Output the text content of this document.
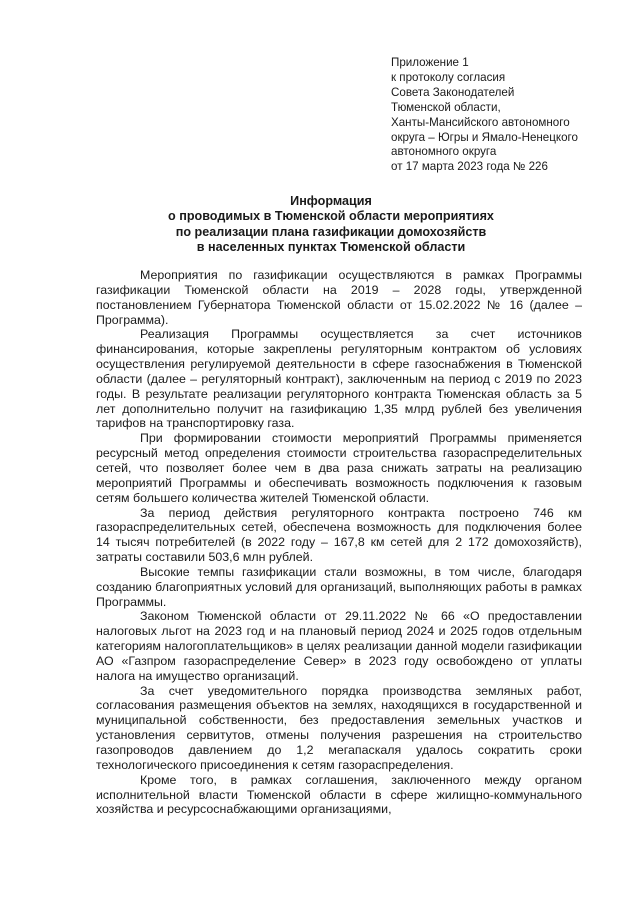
Приложение 1
к протоколу согласия
Совета Законодателей
Тюменской области,
Ханты-Мансийского автономного
округа – Югры и Ямало-Ненецкого
автономного округа
от 17 марта 2023 года № 226
Информация
о проводимых в Тюменской области мероприятиях
по реализации плана газификации домохозяйств
в населенных пунктах Тюменской области

Мероприятия по газификации осуществляются в рамках Программы газификации Тюменской области на 2019 – 2028 годы, утвержденной постановлением Губернатора Тюменской области от 15.02.2022 № 16 (далее – Программа).

Реализация Программы осуществляется за счет источников финансирования, которые закреплены регуляторным контрактом об условиях осуществления регулируемой деятельности в сфере газоснабжения в Тюменской области (далее – регуляторный контракт), заключенным на период с 2019 по 2023 годы. В результате реализации регуляторного контракта Тюменская область за 5 лет дополнительно получит на газификацию 1,35 млрд рублей без увеличения тарифов на транспортировку газа.

При формировании стоимости мероприятий Программы применяется ресурсный метод определения стоимости строительства газораспределительных сетей, что позволяет более чем в два раза снижать затраты на реализацию мероприятий Программы и обеспечивать возможность подключения к газовым сетям большего количества жителей Тюменской области.

За период действия регуляторного контракта построено 746 км газораспределительных сетей, обеспечена возможность для подключения более 14 тысяч потребителей (в 2022 году – 167,8 км сетей для 2 172 домохозяйств), затраты составили 503,6 млн рублей.

Высокие темпы газификации стали возможны, в том числе, благодаря созданию благоприятных условий для организаций, выполняющих работы в рамках Программы.

Законом Тюменской области от 29.11.2022 № 66 «О предоставлении налоговых льгот на 2023 год и на плановый период 2024 и 2025 годов отдельным категориям налогоплательщиков» в целях реализации данной модели газификации АО «Газпром газораспределение Север» в 2023 году освобождено от уплаты налога на имущество организаций.

За счет уведомительного порядка производства земляных работ, согласования размещения объектов на землях, находящихся в государственной и муниципальной собственности, без предоставления земельных участков и установления сервитутов, отмены получения разрешения на строительство газопроводов давлением до 1,2 мегапаскаля удалось сократить сроки технологического присоединения к сетям газораспределения.

Кроме того, в рамках соглашения, заключенного между органом исполнительной власти Тюменской области в сфере жилищно-коммунального хозяйства и ресурсоснабжающими организациями,
